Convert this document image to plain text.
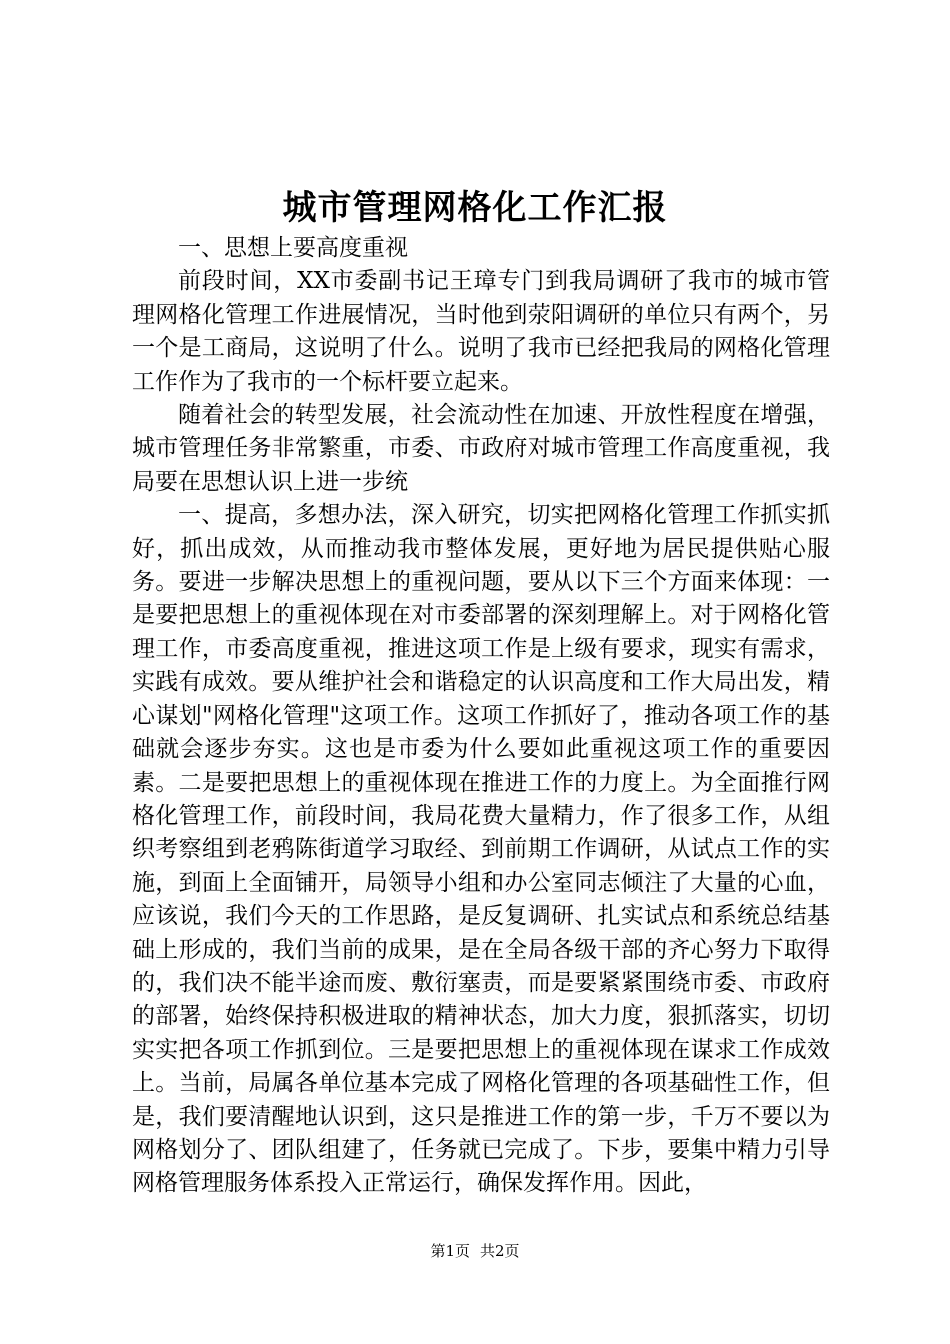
城市管理网格化工作汇报

一、思想上要高度重视

前段时间，XX市委副书记王璋专门到我局调研了我市的城市管理网格化管理工作进展情况，当时他到荥阳调研的单位只有两个，另一个是工商局，这说明了什么。说明了我市已经把我局的网格化管理工作作为了我市的一个标杆要立起来。

随着社会的转型发展，社会流动性在加速、开放性程度在增强，城市管理任务非常繁重，市委、市政府对城市管理工作高度重视，我局要在思想认识上进一步统

一、提高，多想办法，深入研究，切实把网格化管理工作抓实抓好，抓出成效，从而推动我市整体发展，更好地为居民提供贴心服务。要进一步解决思想上的重视问题，要从以下三个方面来体现：一是要把思想上的重视体现在对市委部署的深刻理解上。对于网格化管理工作，市委高度重视，推进这项工作是上级有要求，现实有需求，实践有成效。要从维护社会和谐稳定的认识高度和工作大局出发，精心谋划"网格化管理"这项工作。这项工作抓好了，推动各项工作的基础就会逐步夯实。这也是市委为什么要如此重视这项工作的重要因素。二是要把思想上的重视体现在推进工作的力度上。为全面推行网格化管理工作，前段时间，我局花费大量精力，作了很多工作，从组织考察组到老鸦陈街道学习取经、到前期工作调研，从试点工作的实施，到面上全面铺开，局领导小组和办公室同志倾注了大量的心血，应该说，我们今天的工作思路，是反复调研、扎实试点和系统总结基础上形成的，我们当前的成果，是在全局各级干部的齐心努力下取得的，我们决不能半途而废、敷衍塞责，而是要紧紧围绕市委、市政府的部署，始终保持积极进取的精神状态，加大力度，狠抓落实，切切实实把各项工作抓到位。三是要把思想上的重视体现在谋求工作成效上。当前，局属各单位基本完成了网格化管理的各项基础性工作，但是，我们要清醒地认识到，这只是推进工作的第一步，千万不要以为网格划分了、团队组建了，任务就已完成了。下步，要集中精力引导网格管理服务体系投入正常运行，确保发挥作用。因此，

第1页 共2页
